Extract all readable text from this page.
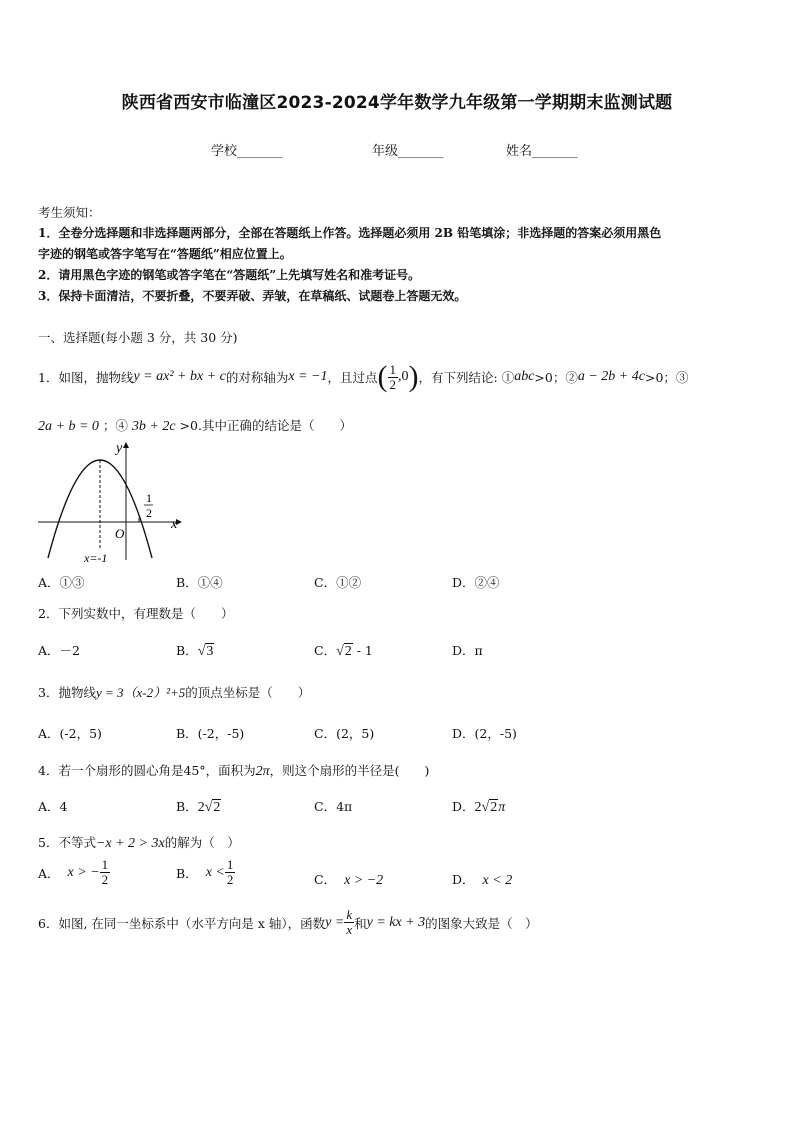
陕西省西安市临潼区2023-2024学年数学九年级第一学期期末监测试题
学校_______	年级_______	姓名_______
考生须知：
1．全卷分选择题和非选择题两部分，全部在答题纸上作答。选择题必须用 2B 铅笔填涂；非选择题的答案必须用黑色
字迹的钢笔或答字笔写在“答题纸”相应位置上。
2．请用黑色字迹的钢笔或答字笔在“答题纸”上先填写姓名和准考证号。
3．保持卡面清洁，不要折叠，不要弄破、弄皱，在草稿纸、试题卷上答题无效。
一、选择题(每小题 3 分，共 30 分)
1．如图，抛物线 y = ax² + bx + c 的对称轴为 x = −1 ，且过点 ( $\frac{1}{2} ,0$ ) ，有下列结论: ① abc >0；② a − 2b + 4c >0；③
2a + b = 0 ；④ 3b + 2c >0.其中正确的结论是（　　）
x
y
O
x=-1
1
2
A．①③	B．①④	C．①②	D．②④
2．下列实数中，有理数是（　　）
A．－2	B．√3	C．√2 - 1	D．π
3．抛物线y = 3（x-2）²+5的顶点坐标是（　　）
A．(-2，5)	B．(-2，-5)	C．(2，5)	D．(2，-5)
4．若一个扇形的圆心角是45°，面积为2π，则这个扇形的半径是(　　)
A．4	B．2√2	C．4π	D．2√2π
5．不等式−x + 2 > 3x的解为（　）
A． x > − $\frac{1}{2}$	B． $x < \frac{1}{2}$	C． x > −2	D． x < 2
6．如图, 在同一坐标系中（水平方向是 x 轴），函数 $y = \frac{k}{x}$ 和 y = kx + 3 的图象大致是（　）
